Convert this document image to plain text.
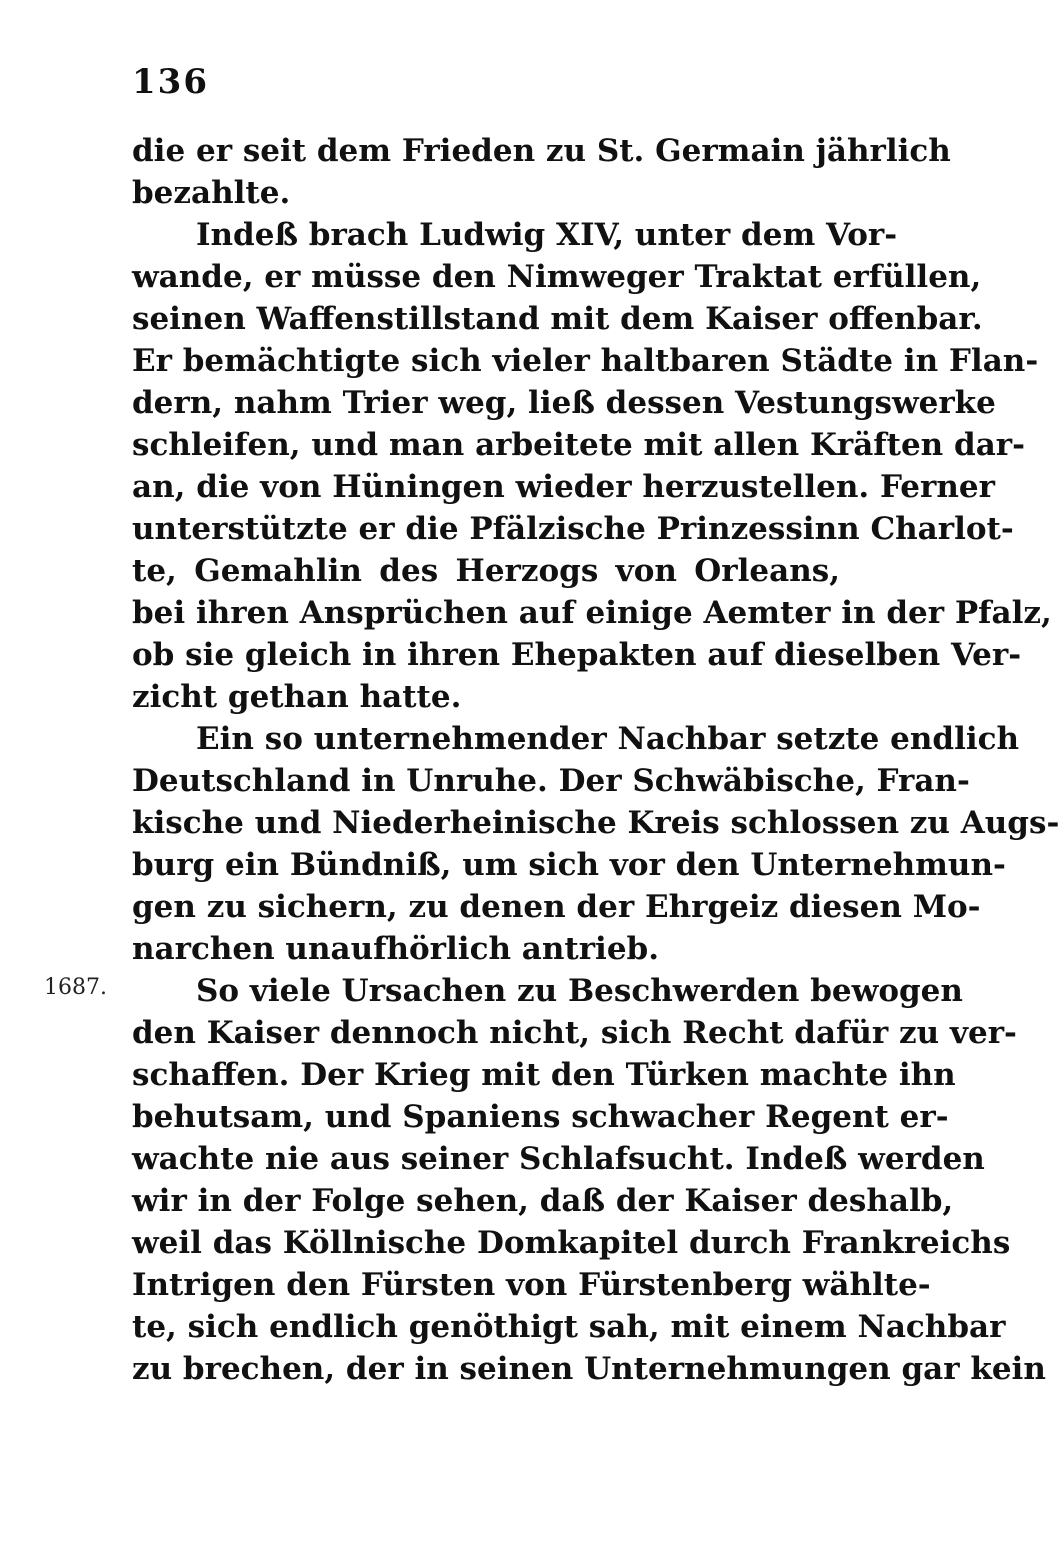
136
1687.
die er seit dem Frieden zu St. Germain jährlich
bezahlte.
Indeß brach Ludwig XIV, unter dem Vor-
wande, er müsse den Nimweger Traktat erfüllen,
seinen Waffenstillstand mit dem Kaiser offenbar.
Er bemächtigte sich vieler haltbaren Städte in Flan-
dern, nahm Trier weg, ließ dessen Vestungswerke
schleifen, und man arbeitete mit allen Kräften dar-
an, die von Hüningen wieder herzustellen. Ferner
unterstützte er die Pfälzische Prinzessinn Charlot-
te, Gemahlin des Herzogs von Orleans,
bei ihren Ansprüchen auf einige Aemter in der Pfalz,
ob sie gleich in ihren Ehepakten auf dieselben Ver-
zicht gethan hatte.
Ein so unternehmender Nachbar setzte endlich
Deutschland in Unruhe. Der Schwäbische, Fran-
kische und Niederheinische Kreis schlossen zu Augs-
burg ein Bündniß, um sich vor den Unternehmun-
gen zu sichern, zu denen der Ehrgeiz diesen Mo-
narchen unaufhörlich antrieb.
So viele Ursachen zu Beschwerden bewogen
den Kaiser dennoch nicht, sich Recht dafür zu ver-
schaffen. Der Krieg mit den Türken machte ihn
behutsam, und Spaniens schwacher Regent er-
wachte nie aus seiner Schlafsucht. Indeß werden
wir in der Folge sehen, daß der Kaiser deshalb,
weil das Köllnische Domkapitel durch Frankreichs
Intrigen den Fürsten von Fürstenberg wählte-
te, sich endlich genöthigt sah, mit einem Nachbar
zu brechen, der in seinen Unternehmungen gar kein
